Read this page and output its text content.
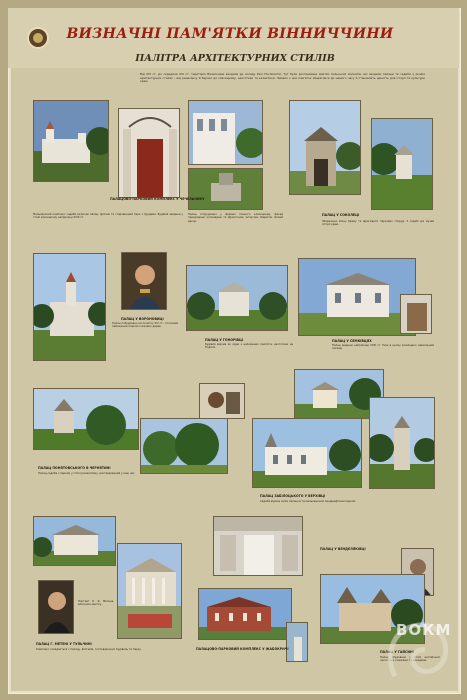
ВИЗНАЧНІ ПАМ'ЯТКИ ВІННИЧЧИНИ
ПАЛІТРА АРХІТЕКТУРНИХ СТИЛІВ
Від XIV ст. до середини XIX ст. територія Вінниччини входила до складу Речі Посполитої. Тут були розташовані маєтки польських магнатів, які зводили палаци та садиби у різних архітектурних стилях – від ренесансу й бароко до класицизму, неоготики та еклектики. Чимало з цих пам'яток збереглися до нашого часу й становлять цінність для історії та культури краю.
ПАЛАЦОВО-ПАРКОВИЙ КОМПЛЕКС У ЧЕЧЕЛЬНИКУ
ПАЛАЦ У СОКОЛЕЦІ
ПАЛАЦ У ВОРОНОВИЦІ
ПАЛАЦ У ГОНОРІВЦІ	ПАЛАЦ У СЕМКІВЦЯХ
ПАЛАЦ ПОНЯТОВСЬКОГО В ЧЕРНЯТИНІ
ПАЛАЦ ЗАБІЛОЦЬКОГО У ВЕРХІВЦІ
ПАЛАЦ У ВЕНДЕЛЯКІВЦІ
ПАЛАЦ Г. МЕТЕНІ У ТУЛЬЧИНІ
ПАЛАЦОВО-ПАРКОВИЙ КОМПЛЕКС У ЖАБОКРИЧІ
ПАЛАЦ У ГАЙСИНІ
Мальовничий комплекс садиби включає палац, флігелі та старовинний парк з прудами. Будівля зведена у стилі класицизму наприкінці XVIII ст.
Палац споруджено у формах пізнього класицизму, фасад прикрашено колонадою та фронтоном. Інтер'єри зберегли ліпний декор.	Збережено в'їзну браму та фрагменти паркових споруд. У садибі діє музей історії краю.
Палац побудовано на початку XIX ст., оточений пейзажним парком з вікових дерев.
Будівля відома як одна з найкращих пам'яток неоготики на Поділлі.
Палац зведено наприкінці XVIII ст. Нині в ньому розміщено навчальний заклад.
Палац-садиба з парком у стилі романтизму, реставрований у наш час.
Садиба відома своїм палацом та мальовничим ландшафтним парком.
Портрет П. Ф. Метена, власника маєтку.
Комплекс складається з палацу, флігелів, господарських будівель та парку.
Палац збудовано у стилі англійської неоготики з вежами та аркадами.
ВОКМ
